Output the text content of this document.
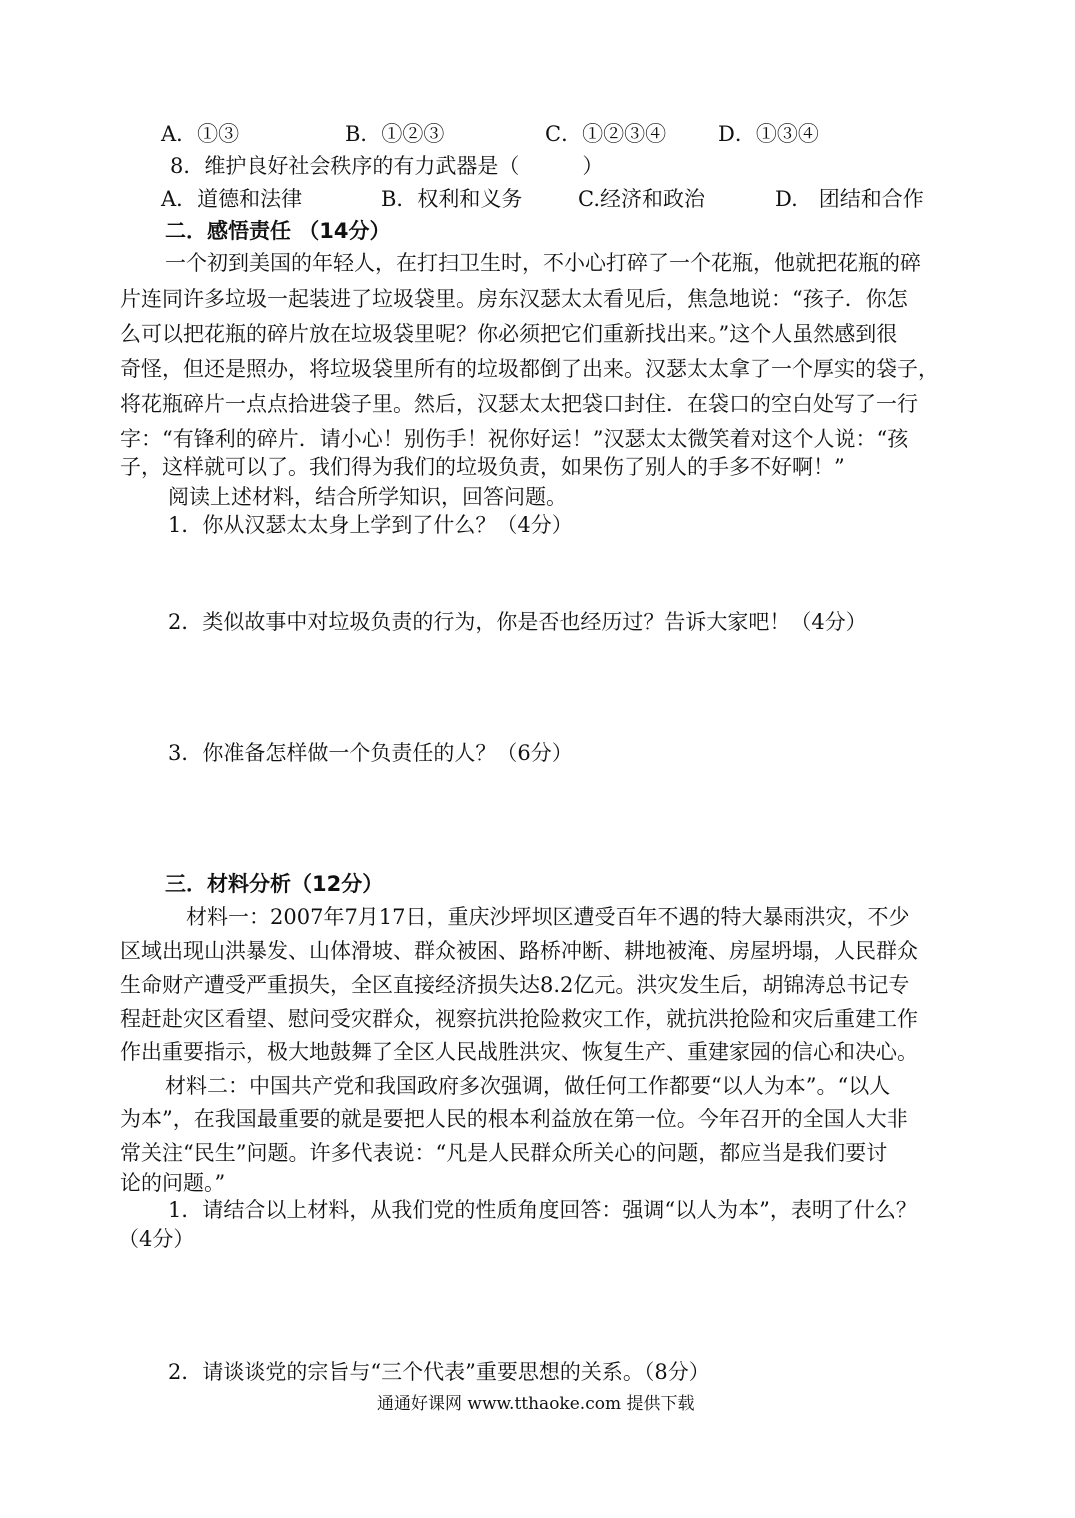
A．①③	B．①②③	C．①②③④ D．①③④
8．维护良好社会秩序的有力武器是（　　　）
A．道德和法律	B．权利和义务	C.经济和政治	D.　团结和合作
二．感悟责任 （14分）
一个初到美国的年轻人，在打扫卫生时，不小心打碎了一个花瓶，他就把花瓶的碎
片连同许多垃圾一起装进了垃圾袋里。房东汉瑟太太看见后，焦急地说：“孩子．你怎
么可以把花瓶的碎片放在垃圾袋里呢？你必须把它们重新找出来。”这个人虽然感到很
奇怪，但还是照办，将垃圾袋里所有的垃圾都倒了出来。汉瑟太太拿了一个厚实的袋子，
将花瓶碎片一点点拾进袋子里。然后，汉瑟太太把袋口封住．在袋口的空白处写了一行
字：“有锋利的碎片．请小心！别伤手！祝你好运！”汉瑟太太微笑着对这个人说：“孩
子，这样就可以了。我们得为我们的垃圾负责，如果伤了别人的手多不好啊！”
阅读上述材料，结合所学知识，回答问题。
1．你从汉瑟太太身上学到了什么？（4分）
2．类似故事中对垃圾负责的行为，你是否也经历过？告诉大家吧！（4分）
3．你准备怎样做一个负责任的人？（6分）
三．材料分析（12分）
材料一：2007年7月17日，重庆沙坪坝区遭受百年不遇的特大暴雨洪灾，不少
区域出现山洪暴发、山体滑坡、群众被困、路桥冲断、耕地被淹、房屋坍塌，人民群众
生命财产遭受严重损失，全区直接经济损失达8.2亿元。洪灾发生后，胡锦涛总书记专
程赶赴灾区看望、慰问受灾群众，视察抗洪抢险救灾工作，就抗洪抢险和灾后重建工作
作出重要指示，极大地鼓舞了全区人民战胜洪灾、恢复生产、重建家园的信心和决心。
材料二：中国共产党和我国政府多次强调，做任何工作都要“以人为本”。“以人
为本”，在我国最重要的就是要把人民的根本利益放在第一位。今年召开的全国人大非
常关注“民生”问题。许多代表说：“凡是人民群众所关心的问题，都应当是我们要讨
论的问题。”
1．请结合以上材料，从我们党的性质角度回答：强调“以人为本”，表明了什么？
（4分）
2．请谈谈党的宗旨与“三个代表”重要思想的关系。（8分）
通通好课网 www.tthaoke.com 提供下载
